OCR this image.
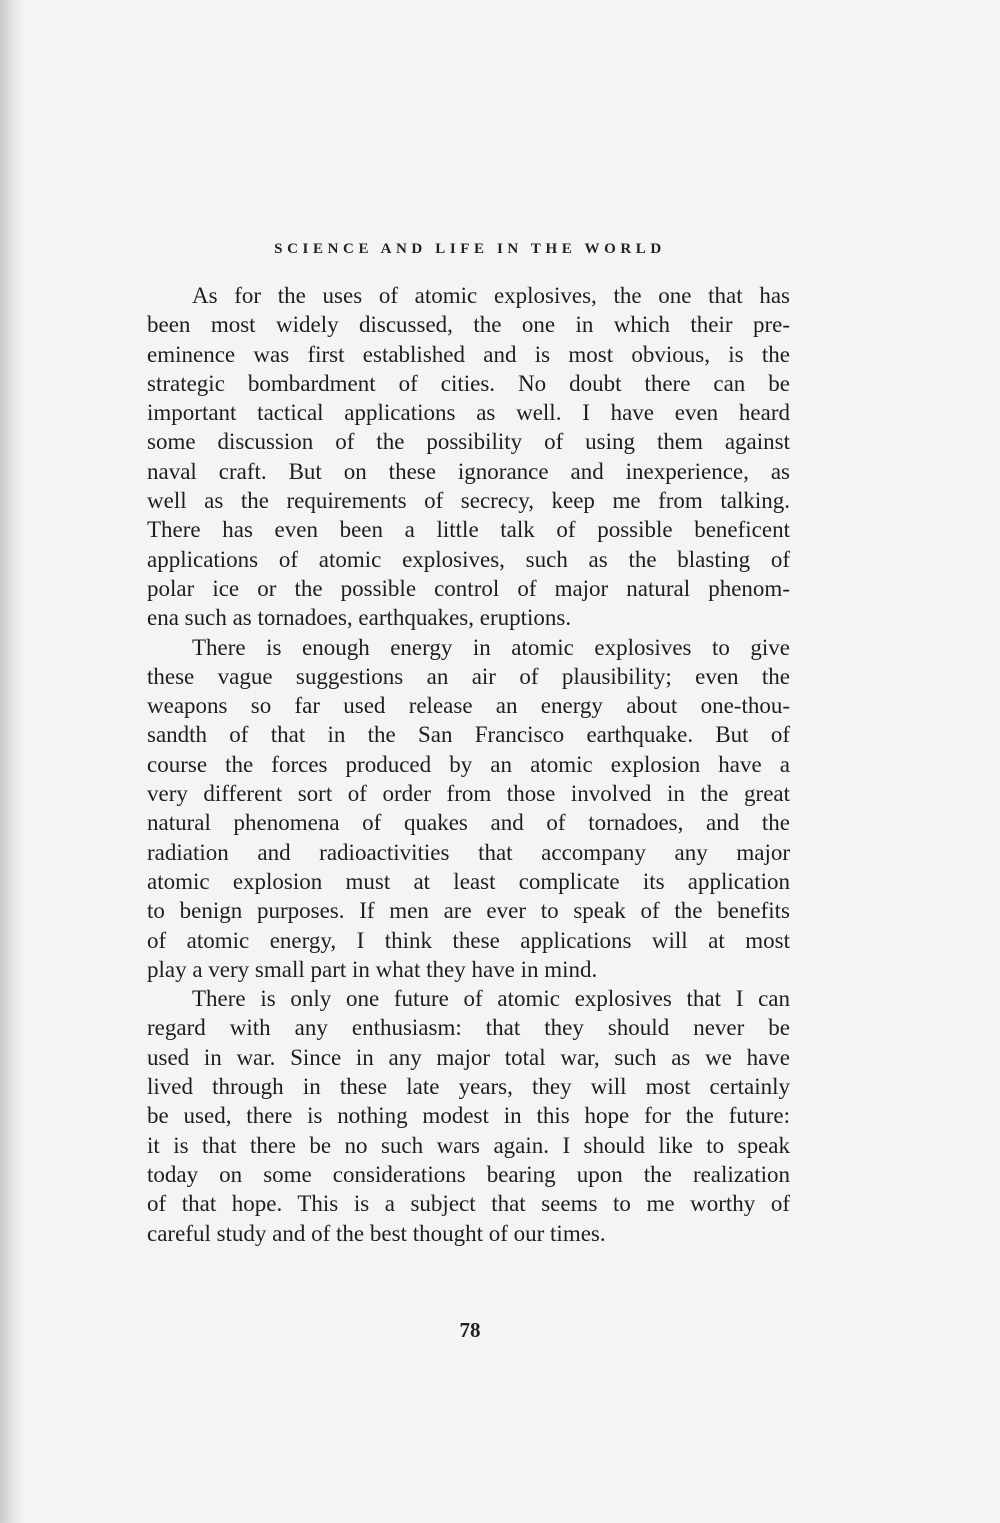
SCIENCE AND LIFE IN THE WORLD
As for the uses of atomic explosives, the one that has
been most widely discussed, the one in which their pre-
eminence was first established and is most obvious, is the
strategic bombardment of cities. No doubt there can be
important tactical applications as well. I have even heard
some discussion of the possibility of using them against
naval craft. But on these ignorance and inexperience, as
well as the requirements of secrecy, keep me from talking.
There has even been a little talk of possible beneficent
applications of atomic explosives, such as the blasting of
polar ice or the possible control of major natural phenom-
ena such as tornadoes, earthquakes, eruptions.
There is enough energy in atomic explosives to give
these vague suggestions an air of plausibility; even the
weapons so far used release an energy about one-thou-
sandth of that in the San Francisco earthquake. But of
course the forces produced by an atomic explosion have a
very different sort of order from those involved in the great
natural phenomena of quakes and of tornadoes, and the
radiation and radioactivities that accompany any major
atomic explosion must at least complicate its application
to benign purposes. If men are ever to speak of the benefits
of atomic energy, I think these applications will at most
play a very small part in what they have in mind.
There is only one future of atomic explosives that I can
regard with any enthusiasm: that they should never be
used in war. Since in any major total war, such as we have
lived through in these late years, they will most certainly
be used, there is nothing modest in this hope for the future:
it is that there be no such wars again. I should like to speak
today on some considerations bearing upon the realization
of that hope. This is a subject that seems to me worthy of
careful study and of the best thought of our times.
78
